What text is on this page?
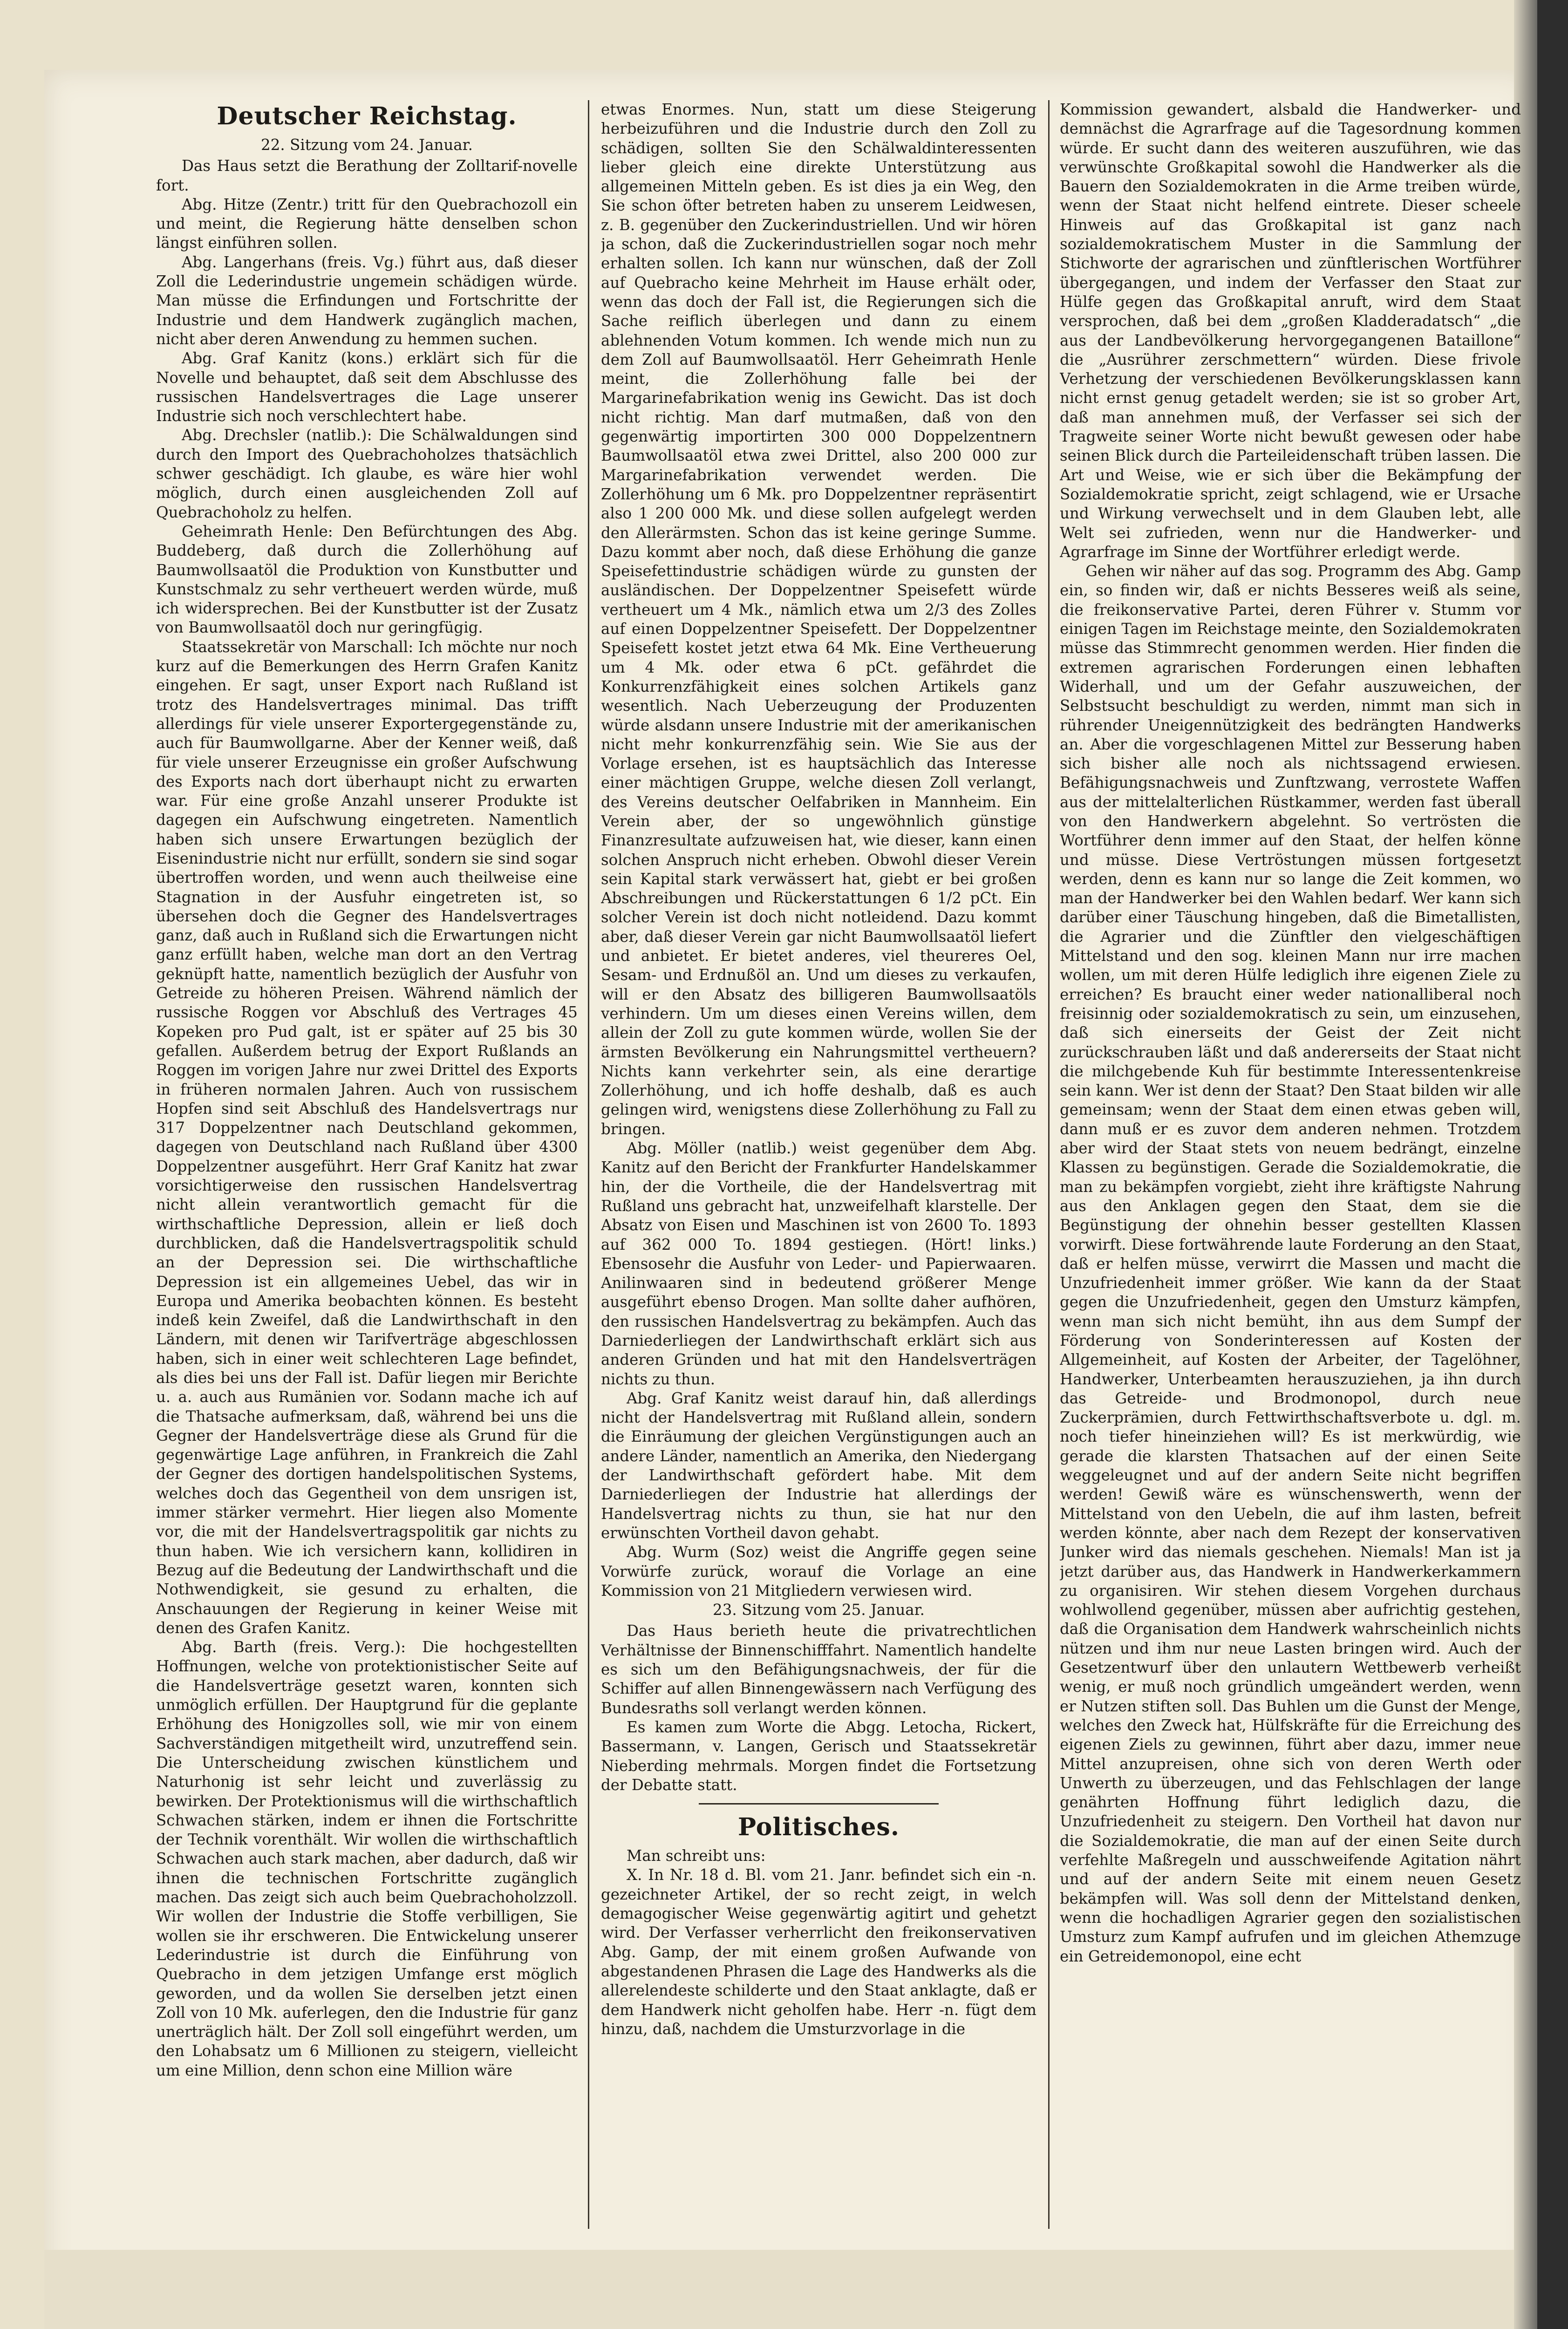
Deutscher Reichstag.
22. Sitzung vom 24. Januar.

Das Haus setzt die Berathung der Zolltarif-novelle fort.

Abg. Hitze (Zentr.) tritt für den Quebrachozoll ein und meint, die Regierung hätte denselben schon längst einführen sollen.

Abg. Langerhans (freis. Vg.) führt aus, daß dieser Zoll die Lederindustrie ungemein schädigen würde. Man müsse die Erfindungen und Fortschritte der Industrie und dem Handwerk zugänglich machen, nicht aber deren Anwendung zu hemmen suchen.

Abg. Graf Kanitz (kons.) erklärt sich für die Novelle und behauptet, daß seit dem Abschlusse des russischen Handelsvertrages die Lage unserer Industrie sich noch verschlechtert habe.

Abg. Drechsler (natlib.): Die Schälwaldungen sind durch den Import des Quebrachoholzes thatsächlich schwer geschädigt. Ich glaube, es wäre hier wohl möglich, durch einen ausgleichenden Zoll auf Quebrachoholz zu helfen.

Geheimrath Henle: Den Befürchtungen des Abg. Buddeberg, daß durch die Zollerhöhung auf Baumwollsaatöl die Produktion von Kunstbutter und Kunstschmalz zu sehr vertheuert werden würde, muß ich widersprechen. Bei der Kunstbutter ist der Zusatz von Baumwollsaatöl doch nur geringfügig.

Staatssekretär von Marschall: Ich möchte nur noch kurz auf die Bemerkungen des Herrn Grafen Kanitz eingehen. Er sagt, unser Export nach Rußland ist trotz des Handelsvertrages minimal. Das trifft allerdings für viele unserer Exportergegenstände zu, auch für Baumwollgarne. Aber der Kenner weiß, daß für viele unserer Erzeugnisse ein großer Aufschwung des Exports nach dort überhaupt nicht zu erwarten war. Für eine große Anzahl unserer Produkte ist dagegen ein Aufschwung eingetreten. Namentlich haben sich unsere Erwartungen bezüglich der Eisenindustrie nicht nur erfüllt, sondern sie sind sogar übertroffen worden, und wenn auch theilweise eine Stagnation in der Ausfuhr eingetreten ist, so übersehen doch die Gegner des Handelsvertrages ganz, daß auch in Rußland sich die Erwartungen nicht ganz erfüllt haben, welche man dort an den Vertrag geknüpft hatte, namentlich bezüglich der Ausfuhr von Getreide zu höheren Preisen. Während nämlich der russische Roggen vor Abschluß des Vertrages 45 Kopeken pro Pud galt, ist er später auf 25 bis 30 gefallen. Außerdem betrug der Export Rußlands an Roggen im vorigen Jahre nur zwei Drittel des Exports in früheren normalen Jahren. Auch von russischem Hopfen sind seit Abschluß des Handelsvertrags nur 317 Doppelzentner nach Deutschland gekommen, dagegen von Deutschland nach Rußland über 4300 Doppelzentner ausgeführt. Herr Graf Kanitz hat zwar vorsichtigerweise den russischen Handelsvertrag nicht allein verantwortlich gemacht für die wirthschaftliche Depression, allein er ließ doch durchblicken, daß die Handelsvertragspolitik schuld an der Depression sei. Die wirthschaftliche Depression ist ein allgemeines Uebel, das wir in Europa und Amerika beobachten können. Es besteht indeß kein Zweifel, daß die Landwirthschaft in den Ländern, mit denen wir Tarifverträge abgeschlossen haben, sich in einer weit schlechteren Lage befindet, als dies bei uns der Fall ist. Dafür liegen mir Berichte u. a. auch aus Rumänien vor. Sodann mache ich auf die Thatsache aufmerksam, daß, während bei uns die Gegner der Handelsverträge diese als Grund für die gegenwärtige Lage anführen, in Frankreich die Zahl der Gegner des dortigen handelspolitischen Systems, welches doch das Gegentheil von dem unsrigen ist, immer stärker vermehrt. Hier liegen also Momente vor, die mit der Handelsvertragspolitik gar nichts zu thun haben. Wie ich versichern kann, kollidiren in Bezug auf die Bedeutung der Landwirthschaft und die Nothwendigkeit, sie gesund zu erhalten, die Anschauungen der Regierung in keiner Weise mit denen des Grafen Kanitz.

Abg. Barth (freis. Verg.): Die hochgestellten Hoffnungen, welche von protektionistischer Seite auf die Handelsverträge gesetzt waren, konnten sich unmöglich erfüllen. Der Hauptgrund für die geplante Erhöhung des Honigzolles soll, wie mir von einem Sachverständigen mitgetheilt wird, unzutreffend sein. Die Unterscheidung zwischen künstlichem und Naturhonig ist sehr leicht und zuverlässig zu bewirken. Der Protektionismus will die wirthschaftlich Schwachen stärken, indem er ihnen die Fortschritte der Technik vorenthält. Wir wollen die wirthschaftlich Schwachen auch stark machen, aber dadurch, daß wir ihnen die technischen Fortschritte zugänglich machen. Das zeigt sich auch beim Quebrachoholzzoll. Wir wollen der Industrie die Stoffe verbilligen, Sie wollen sie ihr erschweren. Die Entwickelung unserer Lederindustrie ist durch die Einführung von Quebracho in dem jetzigen Umfange erst möglich geworden, und da wollen Sie derselben jetzt einen Zoll von 10 Mk. auferlegen, den die Industrie für ganz unerträglich hält. Der Zoll soll eingeführt werden, um den Lohabsatz um 6 Millionen zu steigern, vielleicht um eine Million, denn schon eine Million wäre

etwas Enormes. Nun, statt um diese Steigerung herbeizuführen und die Industrie durch den Zoll zu schädigen, sollten Sie den Schälwaldinteressenten lieber gleich eine direkte Unterstützung aus allgemeinen Mitteln geben. Es ist dies ja ein Weg, den Sie schon öfter betreten haben zu unserem Leidwesen, z. B. gegenüber den Zuckerindustriellen. Und wir hören ja schon, daß die Zuckerindustriellen sogar noch mehr erhalten sollen. Ich kann nur wünschen, daß der Zoll auf Quebracho keine Mehrheit im Hause erhält oder, wenn das doch der Fall ist, die Regierungen sich die Sache reiflich überlegen und dann zu einem ablehnenden Votum kommen. Ich wende mich nun zu dem Zoll auf Baumwollsaatöl. Herr Geheimrath Henle meint, die Zollerhöhung falle bei der Margarinefabrikation wenig ins Gewicht. Das ist doch nicht richtig. Man darf mutmaßen, daß von den gegenwärtig importirten 300 000 Doppelzentnern Baumwollsaatöl etwa zwei Drittel, also 200 000 zur Margarinefabrikation verwendet werden. Die Zollerhöhung um 6 Mk. pro Doppelzentner repräsentirt also 1 200 000 Mk. und diese sollen aufgelegt werden den Allerärmsten. Schon das ist keine geringe Summe. Dazu kommt aber noch, daß diese Erhöhung die ganze Speisefettindustrie schädigen würde zu gunsten der ausländischen. Der Doppelzentner Speisefett würde vertheuert um 4 Mk., nämlich etwa um 2/3 des Zolles auf einen Doppelzentner Speisefett. Der Doppelzentner Speisefett kostet jetzt etwa 64 Mk. Eine Vertheuerung um 4 Mk. oder etwa 6 pCt. gefährdet die Konkurrenzfähigkeit eines solchen Artikels ganz wesentlich. Nach Ueberzeugung der Produzenten würde alsdann unsere Industrie mit der amerikanischen nicht mehr konkurrenzfähig sein. Wie Sie aus der Vorlage ersehen, ist es hauptsächlich das Interesse einer mächtigen Gruppe, welche diesen Zoll verlangt, des Vereins deutscher Oelfabriken in Mannheim. Ein Verein aber, der so ungewöhnlich günstige Finanzresultate aufzuweisen hat, wie dieser, kann einen solchen Anspruch nicht erheben. Obwohl dieser Verein sein Kapital stark verwässert hat, giebt er bei großen Abschreibungen und Rückerstattungen 6 1/2 pCt. Ein solcher Verein ist doch nicht notleidend. Dazu kommt aber, daß dieser Verein gar nicht Baumwollsaatöl liefert und anbietet. Er bietet anderes, viel theureres Oel, Sesam- und Erdnußöl an. Und um dieses zu verkaufen, will er den Absatz des billigeren Baumwollsaatöls verhindern. Um um dieses einen Vereins willen, dem allein der Zoll zu gute kommen würde, wollen Sie der ärmsten Bevölkerung ein Nahrungsmittel vertheuern? Nichts kann verkehrter sein, als eine derartige Zollerhöhung, und ich hoffe deshalb, daß es auch gelingen wird, wenigstens diese Zollerhöhung zu Fall zu bringen.

Abg. Möller (natlib.) weist gegenüber dem Abg. Kanitz auf den Bericht der Frankfurter Handelskammer hin, der die Vortheile, die der Handelsvertrag mit Rußland uns gebracht hat, unzweifelhaft klarstelle. Der Absatz von Eisen und Maschinen ist von 2600 To. 1893 auf 362 000 To. 1894 gestiegen. (Hört! links.) Ebensosehr die Ausfuhr von Leder- und Papierwaaren. Anilinwaaren sind in bedeutend größerer Menge ausgeführt ebenso Drogen. Man sollte daher aufhören, den russischen Handelsvertrag zu bekämpfen. Auch das Darniederliegen der Landwirthschaft erklärt sich aus anderen Gründen und hat mit den Handelsverträgen nichts zu thun.

Abg. Graf Kanitz weist darauf hin, daß allerdings nicht der Handelsvertrag mit Rußland allein, sondern die Einräumung der gleichen Vergünstigungen auch an andere Länder, namentlich an Amerika, den Niedergang der Landwirthschaft gefördert habe. Mit dem Darniederliegen der Industrie hat allerdings der Handelsvertrag nichts zu thun, sie hat nur den erwünschten Vortheil davon gehabt.

Abg. Wurm (Soz) weist die Angriffe gegen seine Vorwürfe zurück, worauf die Vorlage an eine Kommission von 21 Mitgliedern verwiesen wird.

23. Sitzung vom 25. Januar.

Das Haus berieth heute die privatrechtlichen Verhältnisse der Binnenschifffahrt. Namentlich handelte es sich um den Befähigungsnachweis, der für die Schiffer auf allen Binnengewässern nach Verfügung des Bundesraths soll verlangt werden können.

Es kamen zum Worte die Abgg. Letocha, Rickert, Bassermann, v. Langen, Gerisch und Staatssekretär Nieberding mehrmals. Morgen findet die Fortsetzung der Debatte statt.

Politisches.

Man schreibt uns:

X. In Nr. 18 d. Bl. vom 21. Janr. befindet sich ein -n. gezeichneter Artikel, der so recht zeigt, in welch demagogischer Weise gegenwärtig agitirt und gehetzt wird. Der Verfasser verherrlicht den freikonservativen Abg. Gamp, der mit einem großen Aufwande von abgestandenen Phrasen die Lage des Handwerks als die allerelendeste schilderte und den Staat anklagte, daß er dem Handwerk nicht geholfen habe. Herr -n. fügt dem hinzu, daß, nachdem die Umsturzvorlage in die

Kommission gewandert, alsbald die Handwerker- und demnächst die Agrarfrage auf die Tagesordnung kommen würde. Er sucht dann des weiteren auszuführen, wie das verwünschte Großkapital sowohl die Handwerker als die Bauern den Sozialdemokraten in die Arme treiben würde, wenn der Staat nicht helfend eintrete. Dieser scheele Hinweis auf das Großkapital ist ganz nach sozialdemokratischem Muster in die Sammlung der Stichworte der agrarischen und zünftlerischen Wortführer übergegangen, und indem der Verfasser den Staat zur Hülfe gegen das Großkapital anruft, wird dem Staat versprochen, daß bei dem „großen Kladderadatsch“ „die aus der Landbevölkerung hervorgegangenen Bataillone“ die „Ausrührer zerschmettern“ würden. Diese frivole Verhetzung der verschiedenen Bevölkerungsklassen kann nicht ernst genug getadelt werden; sie ist so grober Art, daß man annehmen muß, der Verfasser sei sich der Tragweite seiner Worte nicht bewußt gewesen oder habe seinen Blick durch die Parteileidenschaft trüben lassen. Die Art und Weise, wie er sich über die Bekämpfung der Sozialdemokratie spricht, zeigt schlagend, wie er Ursache und Wirkung verwechselt und in dem Glauben lebt, alle Welt sei zufrieden, wenn nur die Handwerker- und Agrarfrage im Sinne der Wortführer erledigt werde.

Gehen wir näher auf das sog. Programm des Abg. Gamp ein, so finden wir, daß er nichts Besseres weiß als seine, die freikonservative Partei, deren Führer v. Stumm vor einigen Tagen im Reichstage meinte, den Sozialdemokraten müsse das Stimmrecht genommen werden. Hier finden die extremen agrarischen Forderungen einen lebhaften Widerhall, und um der Gefahr auszuweichen, der Selbstsucht beschuldigt zu werden, nimmt man sich in rührender Uneigennützigkeit des bedrängten Handwerks an. Aber die vorgeschlagenen Mittel zur Besserung haben sich bisher alle noch als nichtssagend erwiesen. Befähigungsnachweis und Zunftzwang, verrostete Waffen aus der mittelalterlichen Rüstkammer, werden fast überall von den Handwerkern abgelehnt. So vertrösten die Wortführer denn immer auf den Staat, der helfen könne und müsse. Diese Vertröstungen müssen fortgesetzt werden, denn es kann nur so lange die Zeit kommen, wo man der Handwerker bei den Wahlen bedarf. Wer kann sich darüber einer Täuschung hingeben, daß die Bimetallisten, die Agrarier und die Zünftler den vielgeschäftigen Mittelstand und den sog. kleinen Mann nur irre machen wollen, um mit deren Hülfe lediglich ihre eigenen Ziele zu erreichen? Es braucht einer weder nationalliberal noch freisinnig oder sozialdemokratisch zu sein, um einzusehen, daß sich einerseits der Geist der Zeit nicht zurückschrauben läßt und daß andererseits der Staat nicht die milchgebende Kuh für bestimmte Interessentenkreise sein kann. Wer ist denn der Staat? Den Staat bilden wir alle gemeinsam; wenn der Staat dem einen etwas geben will, dann muß er es zuvor dem anderen nehmen. Trotzdem aber wird der Staat stets von neuem bedrängt, einzelne Klassen zu begünstigen. Gerade die Sozialdemokratie, die man zu bekämpfen vorgiebt, zieht ihre kräftigste Nahrung aus den Anklagen gegen den Staat, dem sie die Begünstigung der ohnehin besser gestellten Klassen vorwirft. Diese fortwährende laute Forderung an den Staat, daß er helfen müsse, verwirrt die Massen und macht die Unzufriedenheit immer größer. Wie kann da der Staat gegen die Unzufriedenheit, gegen den Umsturz kämpfen, wenn man sich nicht bemüht, ihn aus dem Sumpf der Förderung von Sonderinteressen auf Kosten der Allgemeinheit, auf Kosten der Arbeiter, der Tagelöhner, Handwerker, Unterbeamten herauszuziehen, ja ihn durch das Getreide- und Brodmonopol, durch neue Zuckerprämien, durch Fettwirthschaftsverbote u. dgl. m. noch tiefer hineinziehen will? Es ist merkwürdig, wie gerade die klarsten Thatsachen auf der einen Seite weggeleugnet und auf der andern Seite nicht begriffen werden! Gewiß wäre es wünschenswerth, wenn der Mittelstand von den Uebeln, die auf ihm lasten, befreit werden könnte, aber nach dem Rezept der konservativen Junker wird das niemals geschehen. Niemals! Man ist ja jetzt darüber aus, das Handwerk in Handwerkerkammern zu organisiren. Wir stehen diesem Vorgehen durchaus wohlwollend gegenüber, müssen aber aufrichtig gestehen, daß die Organisation dem Handwerk wahrscheinlich nichts nützen und ihm nur neue Lasten bringen wird. Auch der Gesetzentwurf über den unlautern Wettbewerb verheißt wenig, er muß noch gründlich umgeändert werden, wenn er Nutzen stiften soll. Das Buhlen um die Gunst der Menge, welches den Zweck hat, Hülfskräfte für die Erreichung des eigenen Ziels zu gewinnen, führt aber dazu, immer neue Mittel anzupreisen, ohne sich von deren Werth oder Unwerth zu überzeugen, und das Fehlschlagen der lange genährten Hoffnung führt lediglich dazu, die Unzufriedenheit zu steigern. Den Vortheil hat davon nur die Sozialdemokratie, die man auf der einen Seite durch verfehlte Maßregeln und ausschweifende Agitation nährt und auf der andern Seite mit einem neuen Gesetz bekämpfen will. Was soll denn der Mittelstand denken, wenn die hochadligen Agrarier gegen den sozialistischen Umsturz zum Kampf aufrufen und im gleichen Athemzuge ein Getreidemonopol, eine echt
